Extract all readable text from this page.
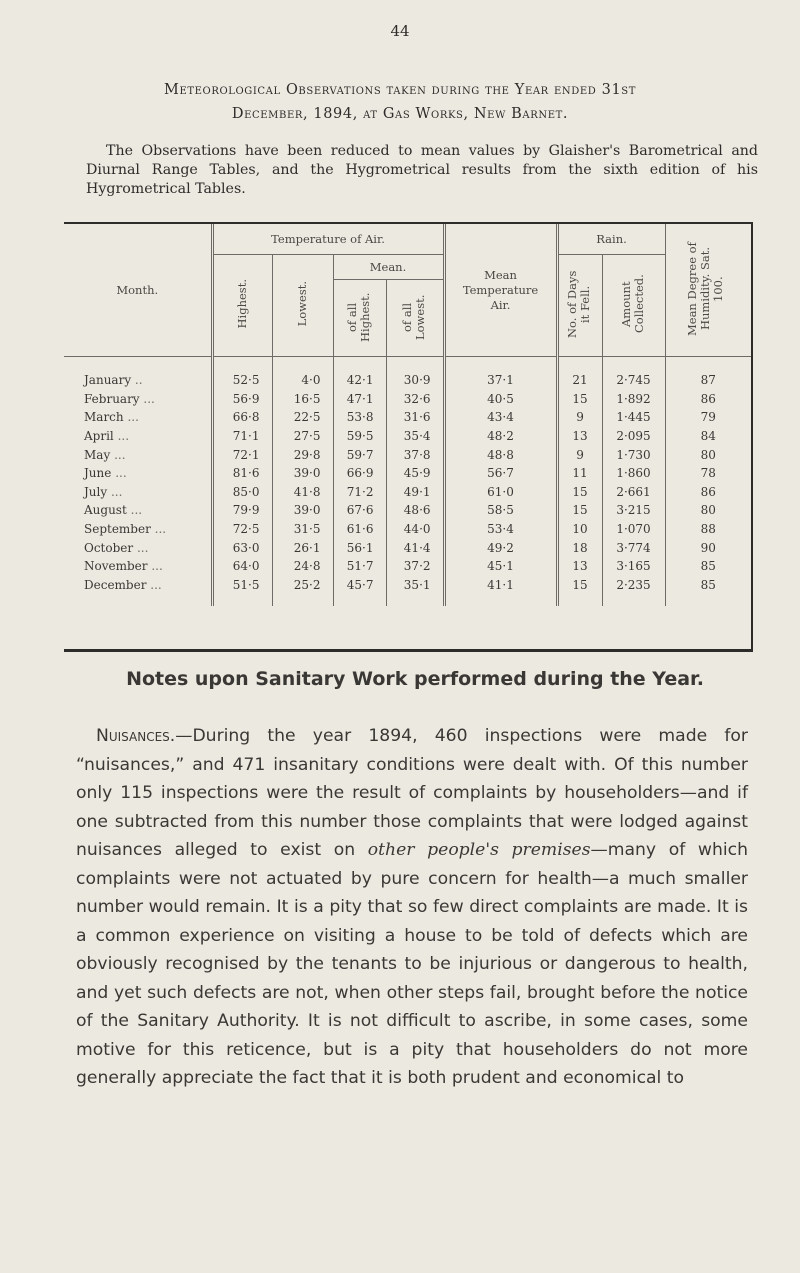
44
Meteorological Observations taken during the Year ended 31st
December, 1894, at Gas Works, New Barnet.

The Observations have been reduced to mean values by Glaisher's Barometrical and Diurnal Range Tables, and the Hygrometrical results from the sixth edition of his Hygrometrical Tables.

Month.	Temperature of Air.				Mean Temperature Air.	Rain.		Mean Degree of Humidity. Sat. 100.
	Highest.	Lowest.	Mean.			No. of Days it Fell.	Amount Collected.	
			of all Highest.	of all Lowest.				
January ..	52·5	4·0	42·1	30·9	37·1	21	2·745	87
February ...	56·9	16·5	47·1	32·6	40·5	15	1·892	86
March ...	66·8	22·5	53·8	31·6	43·4	9	1·445	79
April ...	71·1	27·5	59·5	35·4	48·2	13	2·095	84
May ...	72·1	29·8	59·7	37·8	48·8	9	1·730	80
June ...	81·6	39·0	66·9	45·9	56·7	11	1·860	78
July ...	85·0	41·8	71·2	49·1	61·0	15	2·661	86
August ...	79·9	39·0	67·6	48·6	58·5	15	3·215	80
September ...	72·5	31·5	61·6	44·0	53·4	10	1·070	88
October ...	63·0	26·1	56·1	41·4	49·2	18	3·774	90
November ...	64·0	24·8	51·7	37·2	45·1	13	3·165	85
December ...	51·5	25·2	45·7	35·1	41·1	15	2·235	85

Notes upon Sanitary Work performed during the Year.

Nuisances.—During the year 1894, 460 inspections were made for “nuisances,” and 471 insanitary conditions were dealt with. Of this number only 115 inspections were the result of complaints by householders—and if one subtracted from this number those complaints that were lodged against nuisances alleged to exist on other people's premises—many of which complaints were not actuated by pure concern for health—a much smaller number would remain. It is a pity that so few direct complaints are made. It is a common experience on visiting a house to be told of defects which are obviously recognised by the tenants to be injurious or dangerous to health, and yet such defects are not, when other steps fail, brought before the notice of the Sanitary Authority. It is not difficult to ascribe, in some cases, some motive for this reticence, but is a pity that householders do not more generally appreciate the fact that it is both prudent and economical to
